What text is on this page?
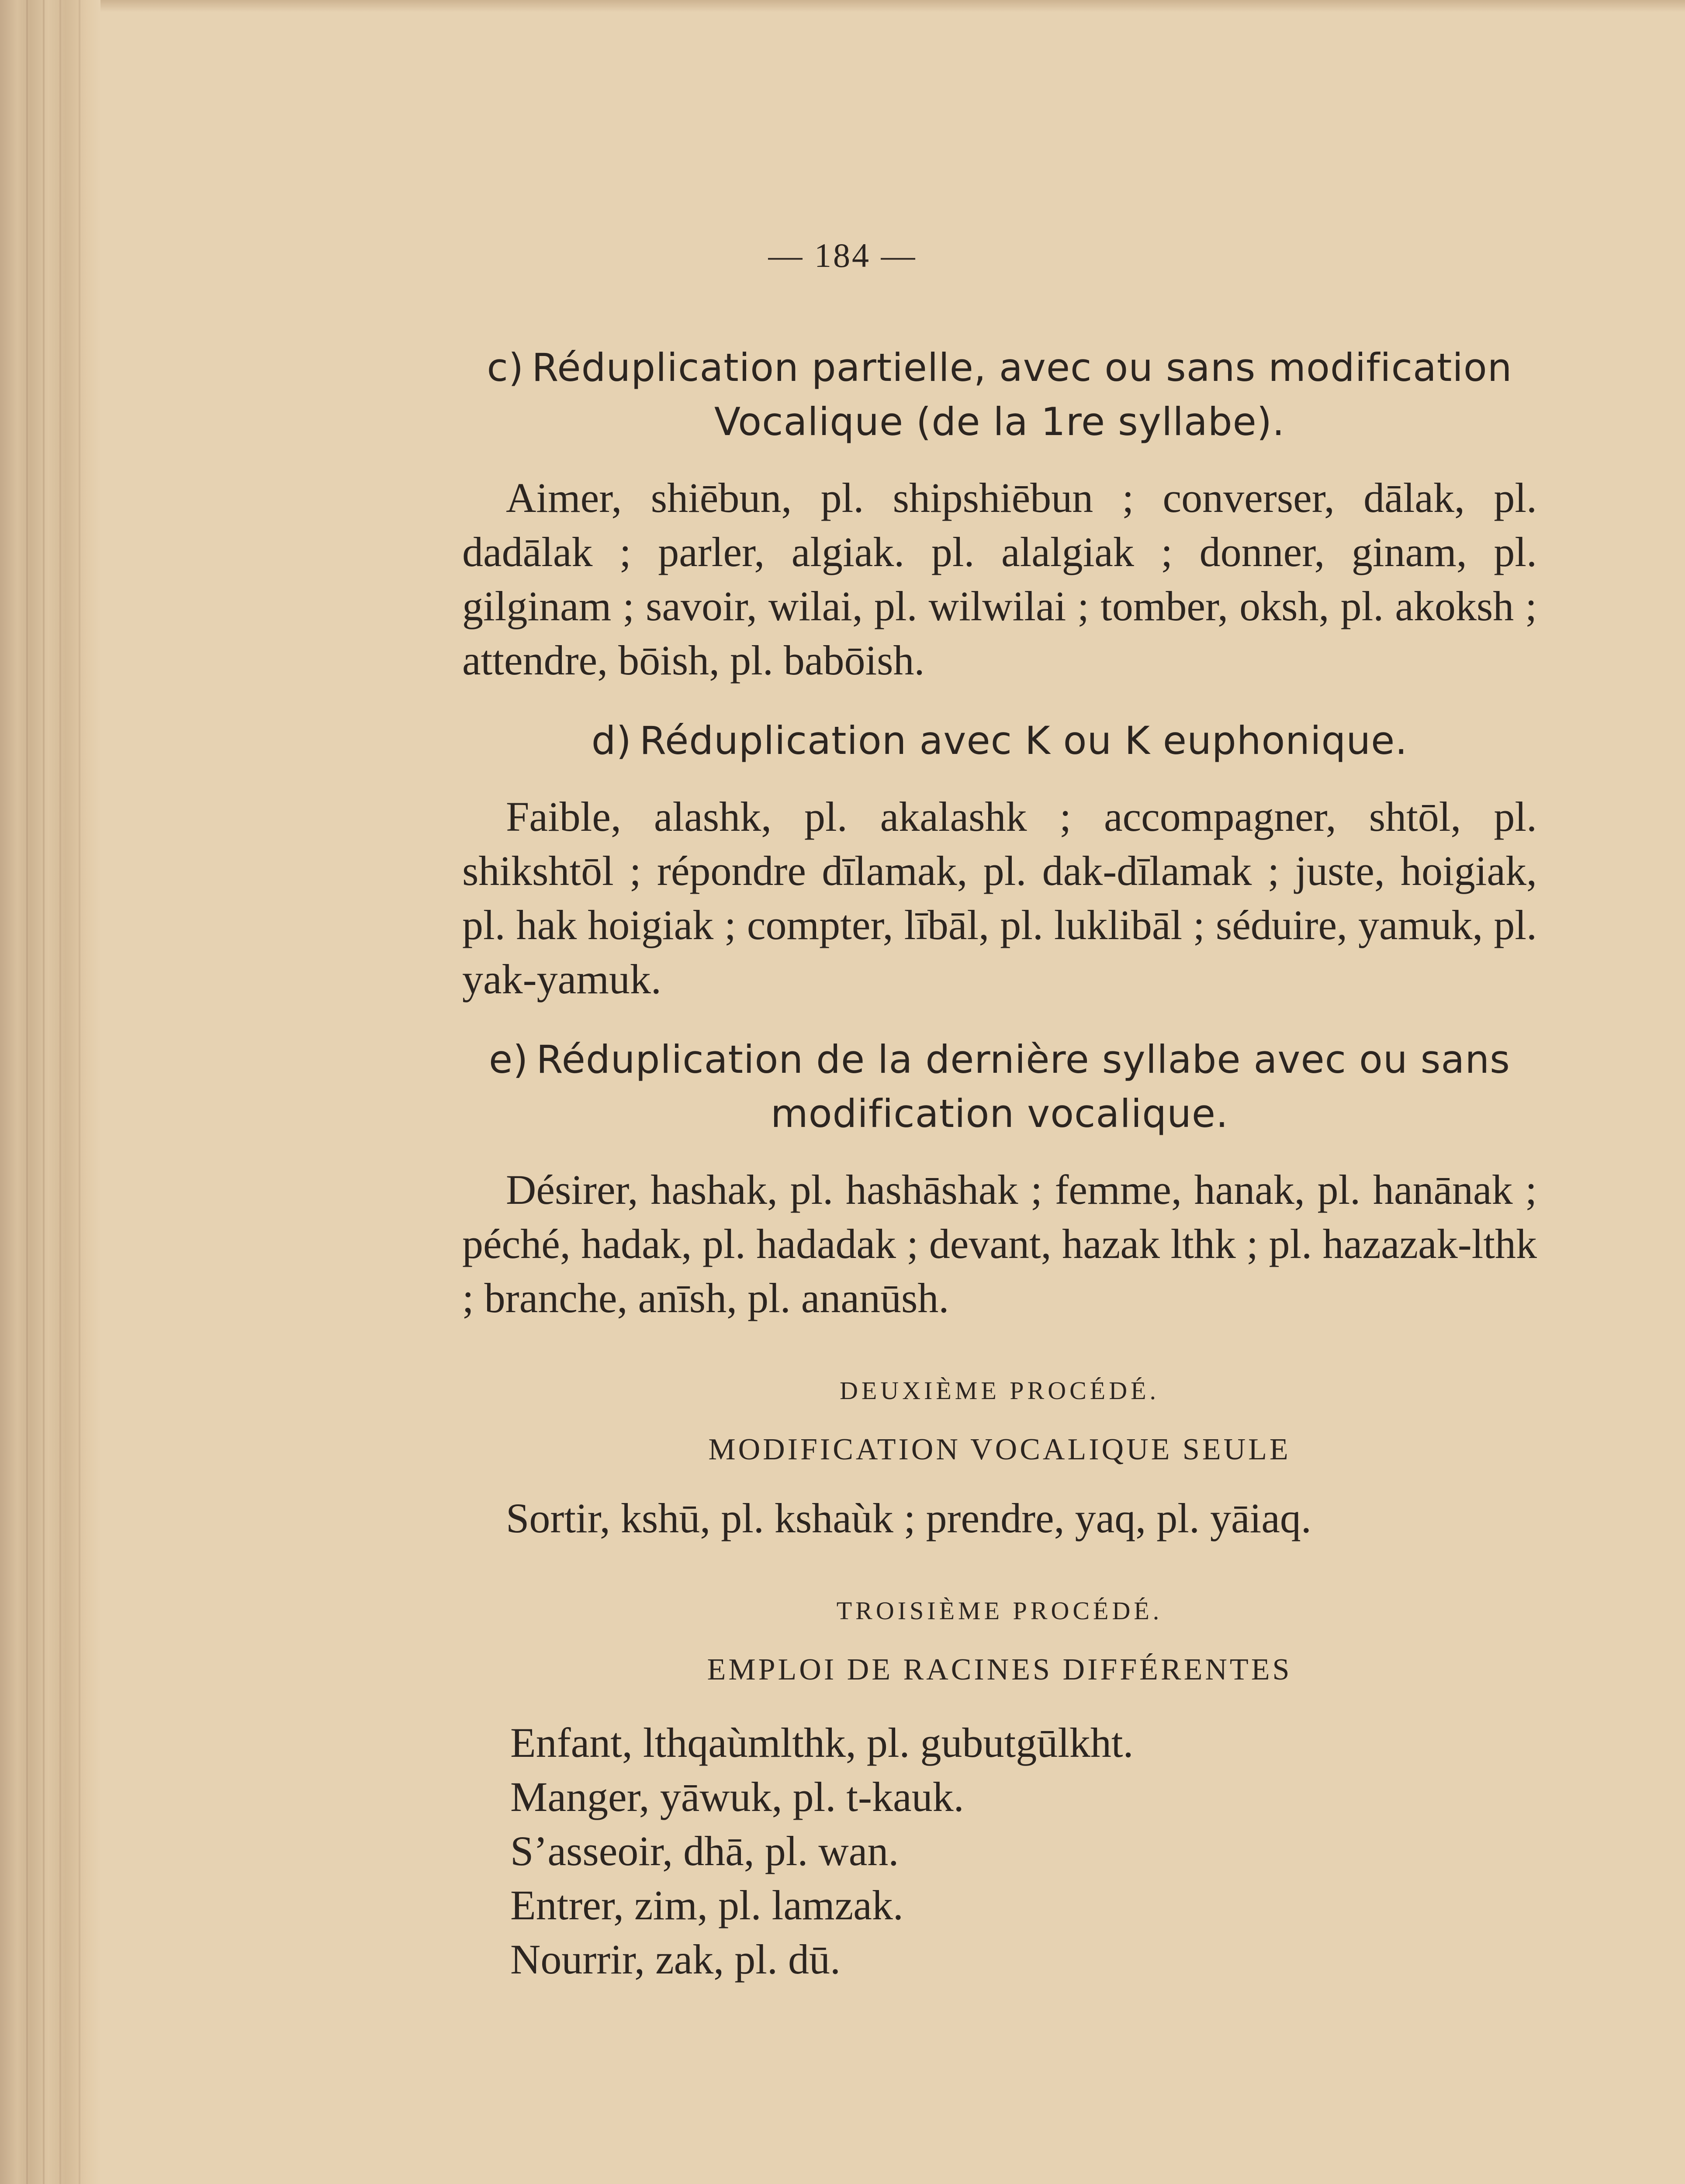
— 184 —
c) Réduplication partielle, avec ou sans modification
Vocalique (de la 1re syllabe).

Aimer, shiēbun, pl. shipshiēbun ; converser, dālak, pl. dadālak ; parler, algiak. pl. alalgiak ; donner, ginam, pl. gilginam ; savoir, wilai, pl. wilwilai ; tomber, oksh, pl. akoksh ; attendre, bōish, pl. babōish.

d) Réduplication avec K ou K euphonique.

Faible, alashk, pl. akalashk ; accompagner, shtōl, pl. shikshtōl ; répondre dīlamak, pl. dak-dīlamak ; juste, hoigiak, pl. hak hoigiak ; compter, lībāl, pl. luklibāl ; séduire, yamuk, pl. yak-yamuk.

e) Réduplication de la dernière syllabe avec ou sans
modification vocalique.

Désirer, hashak, pl. hashāshak ; femme, hanak, pl. hanānak ; péché, hadak, pl. hadadak ; devant, hazak lthk ; pl. hazazak-lthk ; branche, anīsh, pl. ananūsh.

DEUXIÈME PROCÉDÉ.
MODIFICATION VOCALIQUE SEULE

Sortir, kshū, pl. kshaùk ; prendre, yaq, pl. yāiaq.

TROISIÈME PROCÉDÉ.
EMPLOI DE RACINES DIFFÉRENTES

Enfant, lthqaùmlthk, pl. gubutgūlkht.

Manger, yāwuk, pl. t-kauk.

S’asseoir, dhā, pl. wan.

Entrer, zim, pl. lamzak.

Nourrir, zak, pl. dū.
